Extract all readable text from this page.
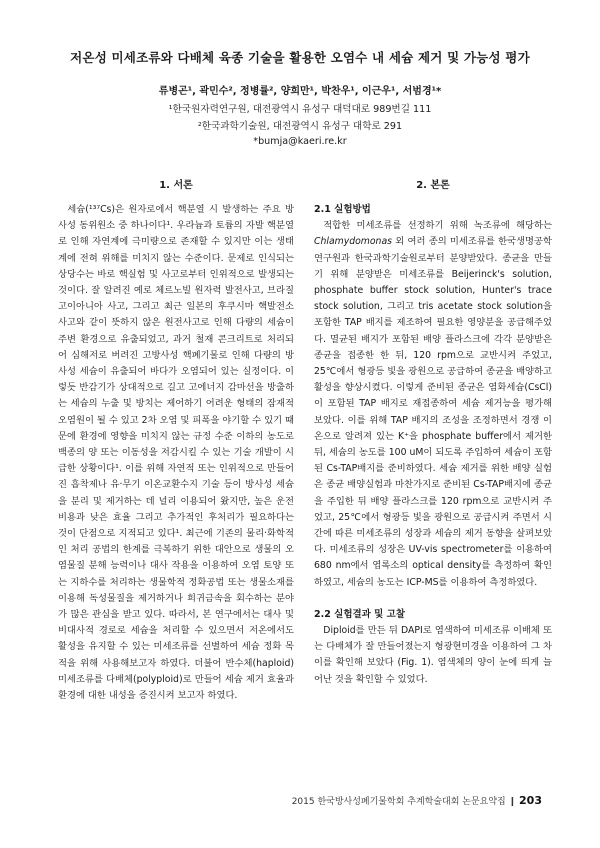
저온성 미세조류와 다배체 육종 기술을 활용한 오염수 내 세슘 제거 및 가능성 평가
류병곤¹, 곽민수², 정병률², 양희만¹, 박찬우¹, 이근우¹, 서범경¹*
¹한국원자력연구원, 대전광역시 유성구 대덕대로 989번길 111
²한국과학기술원, 대전광역시 유성구 대학로 291
*bumja@kaeri.re.kr
1. 서론	2. 본론

세슘(¹³⁷Cs)은 원자로에서 핵분열 시 발생하는 주요 방사성 동위원소 중 하나이다¹. 우라늄과 토륨의 자발 핵분열로 인해 자연계에 극미량으로 존재할 수 있지만 이는 생태계에 전혀 위해를 미치지 않는 수준이다. 문제로 인식되는 상당수는 바로 핵실험 및 사고로부터 인위적으로 발생되는 것이다. 잘 알려진 예로 체르노빌 원자력 발전사고, 브라질 고이아니아 사고, 그리고 최근 일본의 후쿠시마 핵발전소 사고와 같이 뜻하지 않은 원전사고로 인해 다량의 세슘이 주변 환경으로 유출되었고, 과거 철재 콘크리트로 처리되어 심해저로 버려진 고방사성 핵폐기물로 인해 다량의 방사성 세슘이 유출되어 바다가 오염되어 있는 실정이다. 이렇듯 반감기가 상대적으로 길고 고에너지 감마선을 방출하는 세슘의 누출 및 방치는 제어하기 어려운 형태의 잠재적 오염원이 될 수 있고 2차 오염 및 피폭을 야기할 수 있기 때문에 환경에 영향을 미치지 않는 규정 수준 이하의 농도로 백종의 양 또는 이동성을 저감시킬 수 있는 기술 개발이 시급한 상황이다¹. 이를 위해 자연적 또는 인위적으로 만들어진 흡착제나 유·무기 이온교환수지 기술 등이 방사성 세슘을 분리 및 제거하는 데 널리 이용되어 왔지만, 높은 운전비용과 낮은 효율 그리고 추가적인 후처리가 필요하다는 것이 단점으로 지적되고 있다¹. 최근에 기존의 물리·화학적인 처리 공법의 한계를 극복하기 위한 대안으로 생물의 오염물질 분해 능력이나 대사 작용을 이용하여 오염 토양 또는 지하수를 처리하는 생물학적 정화공법 또는 생물소재를 이용해 독성물질을 제거하거나 희귀금속을 회수하는 분야가 많은 관심을 받고 있다. 따라서, 본 연구에서는 대사 및 비대사적 경로로 세슘을 처리할 수 있으면서 저온에서도 활성을 유지할 수 있는 미세조류를 선별하여 세슘 정화 목적을 위해 사용해보고자 하였다. 더불어 반수체(haploid) 미세조류를 다배체(polyploid)로 만들어 세슘 제거 효율과 환경에 대한 내성을 증진시켜 보고자 하였다.

2.1 실험방법

적합한 미세조류를 선정하기 위해 녹조류에 해당하는 Chlamydomonas 외 여러 종의 미세조류를 한국생명공학연구원과 한국과학기술원로부터 분양받았다. 종균을 만들기 위해 분양받은 미세조류를 Beijerinck's solution, phosphate buffer stock solution, Hunter's trace stock solution, 그리고 tris acetate stock solution을 포함한 TAP 배지를 제조하여 필요한 영양분을 공급해주었다. 멸균된 배지가 포함된 배양 플라스크에 각각 분양받은 종균을 접종한 한 뒤, 120 rpm으로 교반시켜 주었고, 25℃에서 형광등 빛을 광원으로 공급하여 종균을 배양하고 활성을 향상시켰다. 이렇게 준비된 종균은 염화세슘(CsCl)이 포함된 TAP 배지로 재접종하여 세슘 제거능을 평가해 보았다. 이를 위해 TAP 배지의 조성을 조정하면서 경쟁 이온으로 알려져 있는 K⁺을 phosphate buffer에서 제거한 뒤, 세슘의 농도를 100 uM이 되도록 주입하여 세슘이 포함된 Cs-TAP배지를 준비하였다. 세슘 제거를 위한 배양 실험은 종균 배양실험과 마찬가지로 준비된 Cs-TAP배지에 종균을 주입한 뒤 배양 플라스크를 120 rpm으로 교반시켜 주었고, 25℃에서 형광등 빛을 광원으로 공급시켜 주면서 시간에 따른 미세조류의 성장과 세슘의 제거 동향을 살펴보았다. 미세조류의 성장은 UV-vis spectrometer를 이용하여 680 nm에서 엽록소의 optical density를 측정하여 확인하였고, 세슘의 농도는 ICP-MS를 이용하여 측정하였다.

2.2 실험결과 및 고찰

Diploid를 만든 뒤 DAPI로 염색하여 미세조류 이배체 또는 다배체가 잘 만들어졌는지 형광현미경을 이용하여 그 차이를 확인해 보았다 (Fig. 1). 염색체의 양이 눈에 띄게 늘어난 것을 확인할 수 있었다.

2015 한국방사성폐기물학회 추계학술대회 논문요약집 ❙ 203
